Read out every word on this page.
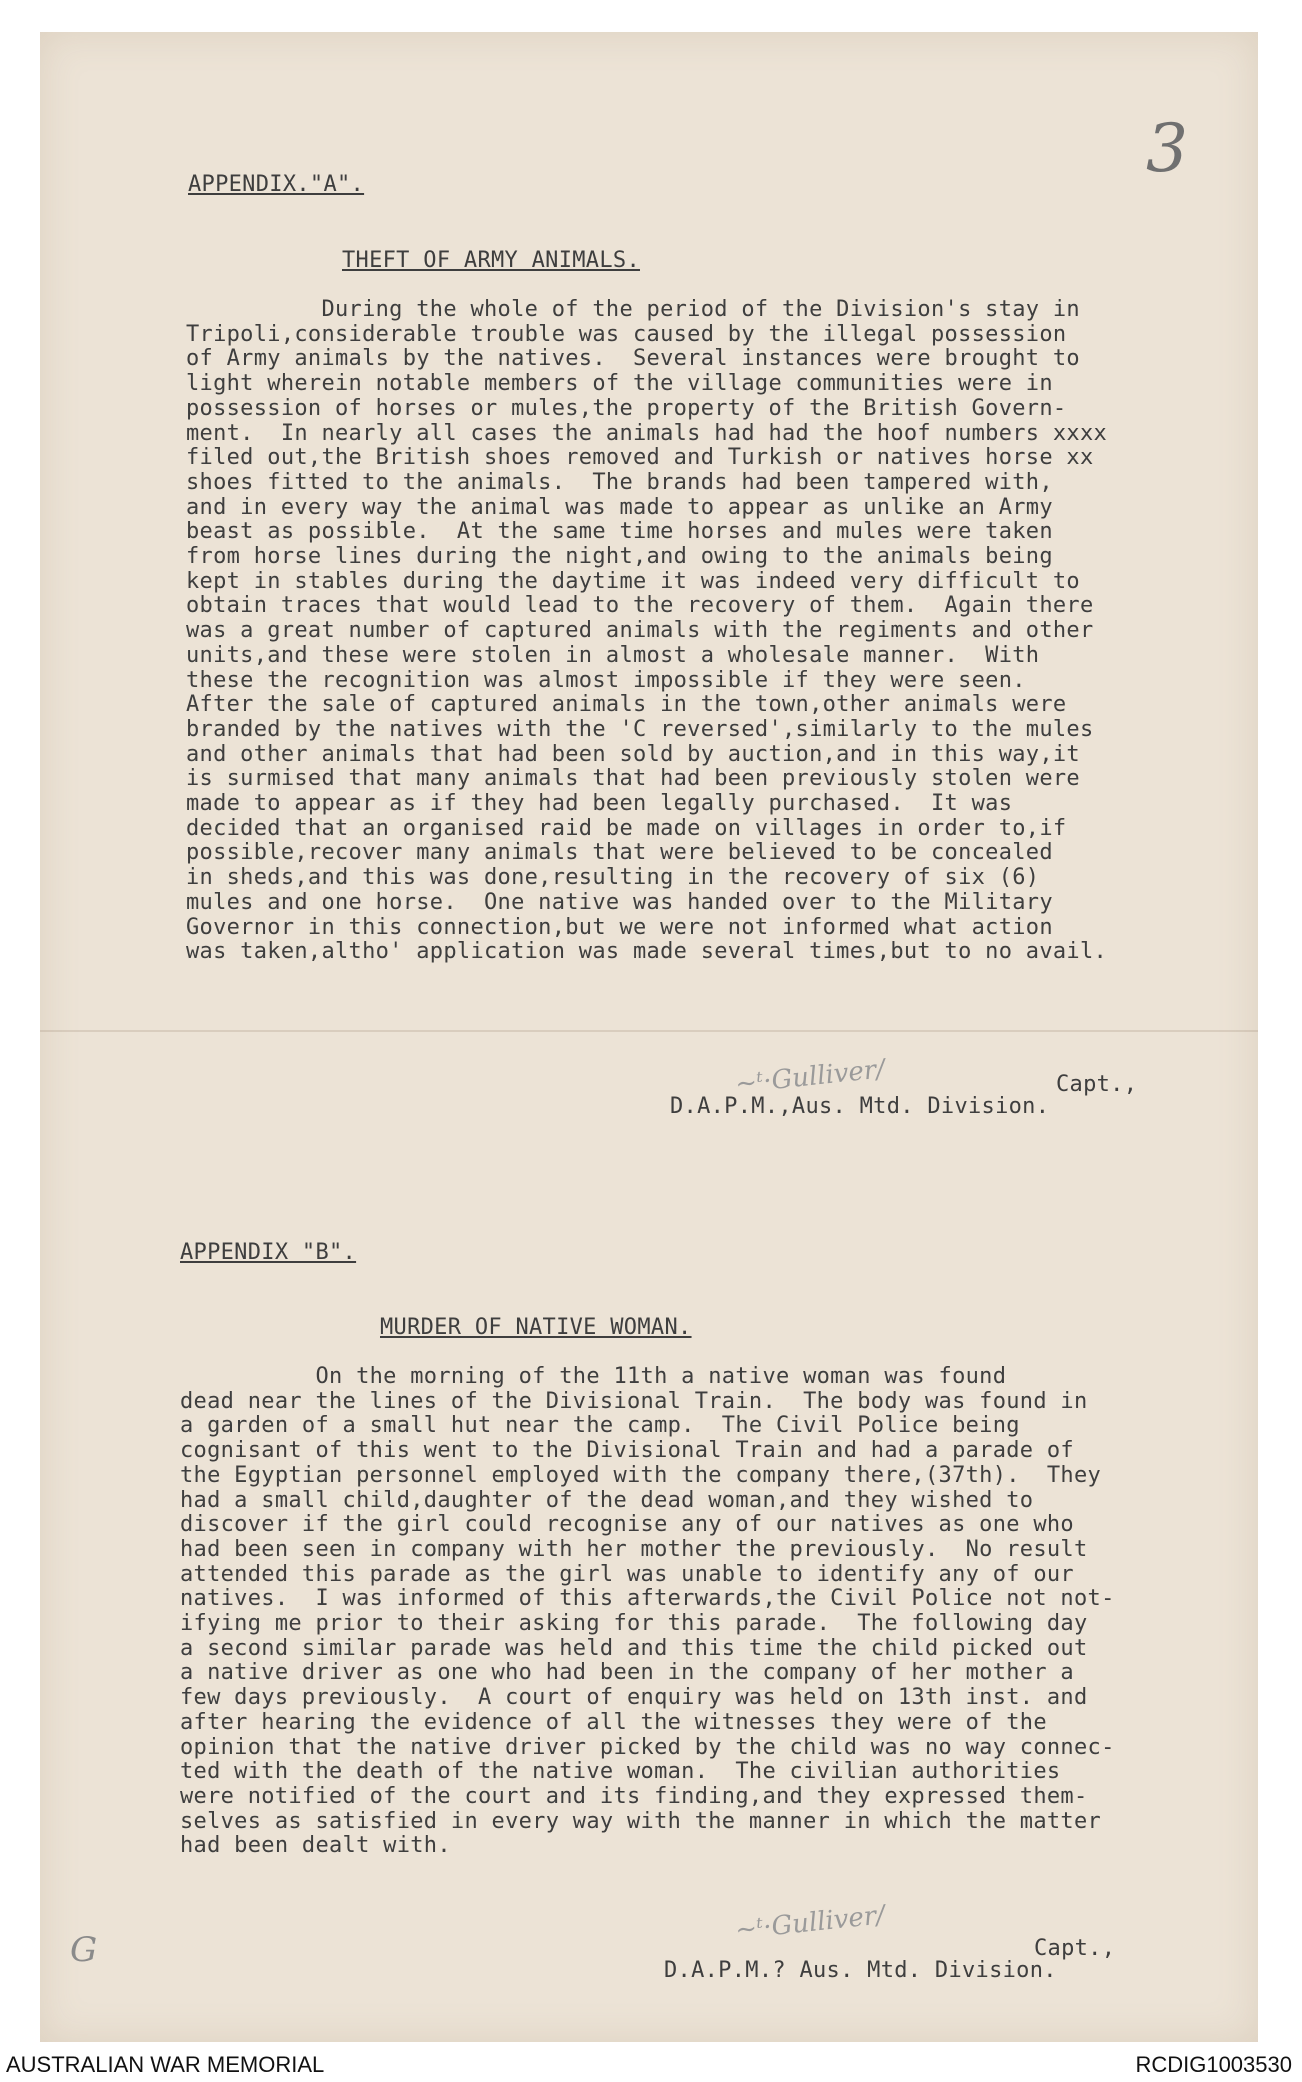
3
APPENDIX."A".
THEFT OF ARMY ANIMALS.
During the whole of the period of the Division's stay in
Tripoli,considerable trouble was caused by the illegal possession
of Army animals by the natives.  Several instances were brought to
light wherein notable members of the village communities were in
possession of horses or mules,the property of the British Govern-
ment.  In nearly all cases the animals had had the hoof numbers xxxx
filed out,the British shoes removed and Turkish or natives horse xx
shoes fitted to the animals.  The brands had been tampered with,
and in every way the animal was made to appear as unlike an Army
beast as possible.  At the same time horses and mules were taken
from horse lines during the night,and owing to the animals being
kept in stables during the daytime it was indeed very difficult to
obtain traces that would lead to the recovery of them.  Again there
was a great number of captured animals with the regiments and other
units,and these were stolen in almost a wholesale manner.  With
these the recognition was almost impossible if they were seen.
After the sale of captured animals in the town,other animals were
branded by the natives with the 'C reversed',similarly to the mules
and other animals that had been sold by auction,and in this way,it
is surmised that many animals that had been previously stolen were
made to appear as if they had been legally purchased.  It was
decided that an organised raid be made on villages in order to,if
possible,recover many animals that were believed to be concealed
in sheds,and this was done,resulting in the recovery of six (6)
mules and one horse.  One native was handed over to the Military
Governor in this connection,but we were not informed what action
was taken,altho' application was made several times,but to no avail.
~ᵗ·Gulliver/	Capt.,
D.A.P.M.,Aus. Mtd. Division.
APPENDIX "B".
MURDER OF NATIVE WOMAN.
On the morning of the 11th a native woman was found
dead near the lines of the Divisional Train.  The body was found in
a garden of a small hut near the camp.  The Civil Police being
cognisant of this went to the Divisional Train and had a parade of
the Egyptian personnel employed with the company there,(37th).  They
had a small child,daughter of the dead woman,and they wished to
discover if the girl could recognise any of our natives as one who
had been seen in company with her mother the previously.  No result
attended this parade as the girl was unable to identify any of our
natives.  I was informed of this afterwards,the Civil Police not not-
ifying me prior to their asking for this parade.  The following day
a second similar parade was held and this time the child picked out
a native driver as one who had been in the company of her mother a
few days previously.  A court of enquiry was held on 13th inst. and
after hearing the evidence of all the witnesses they were of the
opinion that the native driver picked by the child was no way connec-
ted with the death of the native woman.  The civilian authorities
were notified of the court and its finding,and they expressed them-
selves as satisfied in every way with the manner in which the matter
had been dealt with.
~ᵗ·Gulliver/
Capt.,
D.A.P.M.? Aus. Mtd. Division.
G
AUSTRALIAN WAR MEMORIAL	RCDIG1003530
